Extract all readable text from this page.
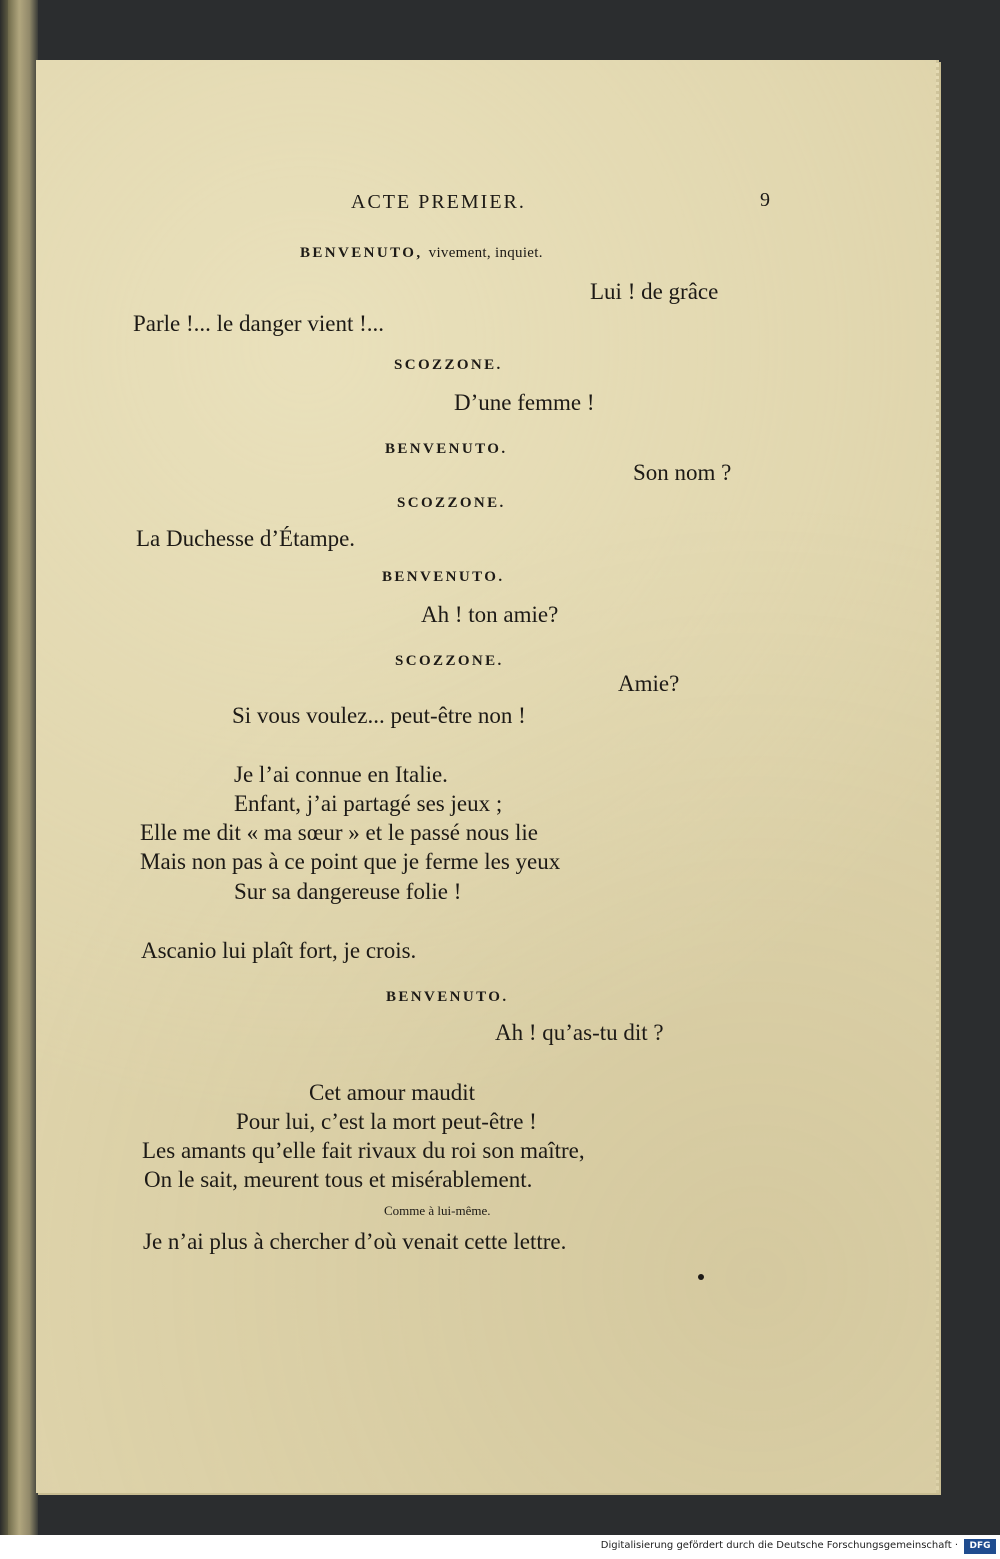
ACTE PREMIER.	9
BENVENUTO, vivement, inquiet.
Lui ! de grâce
Parle !... le danger vient !...
SCOZZONE.
D’une femme !
BENVENUTO.
Son nom ?
SCOZZONE.
La Duchesse d’Étampe.
BENVENUTO.
Ah ! ton amie?
SCOZZONE.
Amie?
Si vous voulez... peut-être non !
Je l’ai connue en Italie.
Enfant, j’ai partagé ses jeux ;
Elle me dit « ma sœur » et le passé nous lie
Mais non pas à ce point que je ferme les yeux
Sur sa dangereuse folie !
Ascanio lui plaît fort, je crois.
BENVENUTO.
Ah ! qu’as-tu dit ?
Cet amour maudit
Pour lui, c’est la mort peut-être !
Les amants qu’elle fait rivaux du roi son maître,
On le sait, meurent tous et misérablement.
Comme à lui-même.
Je n’ai plus à chercher d’où venait cette lettre.
Digitalisierung gefördert durch die Deutsche Forschungsgemeinschaft ·	DFG
